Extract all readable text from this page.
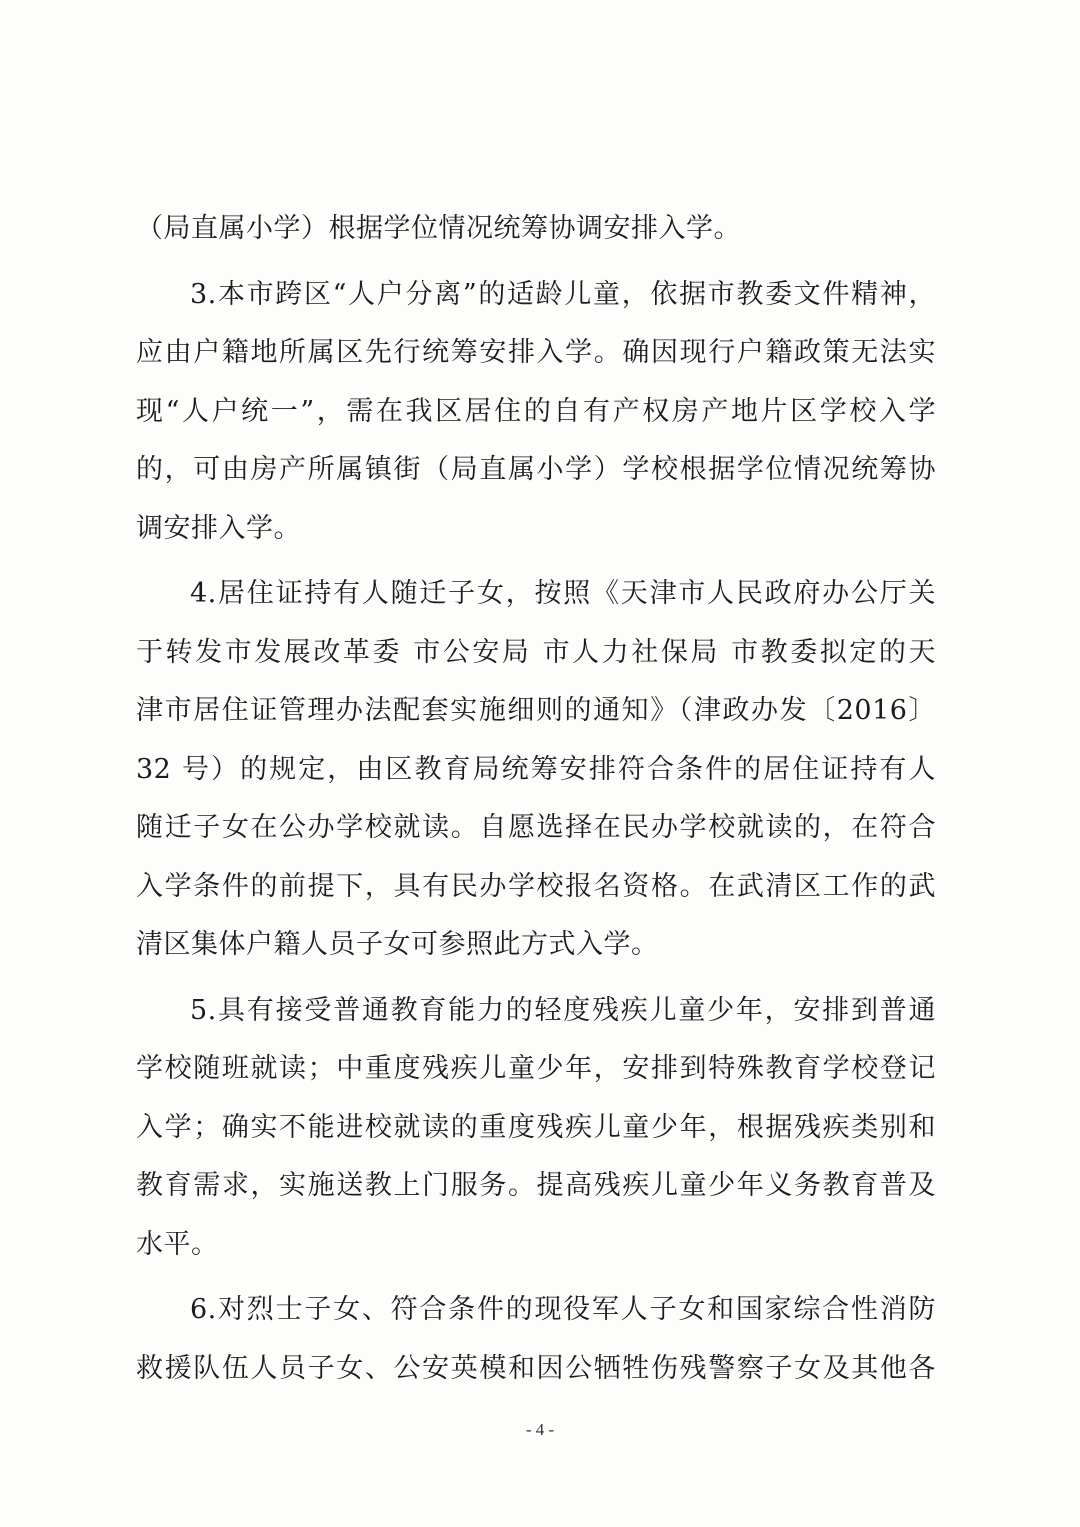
（局直属小学）根据学位情况统筹协调安排入学。
3.本市跨区“人户分离”的适龄儿童，依据市教委文件精神，
应由户籍地所属区先行统筹安排入学。确因现行户籍政策无法实
现“人户统一”，需在我区居住的自有产权房产地片区学校入学
的，可由房产所属镇街（局直属小学）学校根据学位情况统筹协
调安排入学。
4.居住证持有人随迁子女，按照《天津市人民政府办公厅关
于转发市发展改革委 市公安局 市人力社保局 市教委拟定的天
津市居住证管理办法配套实施细则的通知》（津政办发〔2016〕
32 号）的规定，由区教育局统筹安排符合条件的居住证持有人
随迁子女在公办学校就读。自愿选择在民办学校就读的，在符合
入学条件的前提下，具有民办学校报名资格。在武清区工作的武
清区集体户籍人员子女可参照此方式入学。
5.具有接受普通教育能力的轻度残疾儿童少年，安排到普通
学校随班就读；中重度残疾儿童少年，安排到特殊教育学校登记
入学；确实不能进校就读的重度残疾儿童少年，根据残疾类别和
教育需求，实施送教上门服务。提高残疾儿童少年义务教育普及
水平。
6.对烈士子女、符合条件的现役军人子女和国家综合性消防
救援队伍人员子女、公安英模和因公牺牲伤残警察子女及其他各
- 4 -
